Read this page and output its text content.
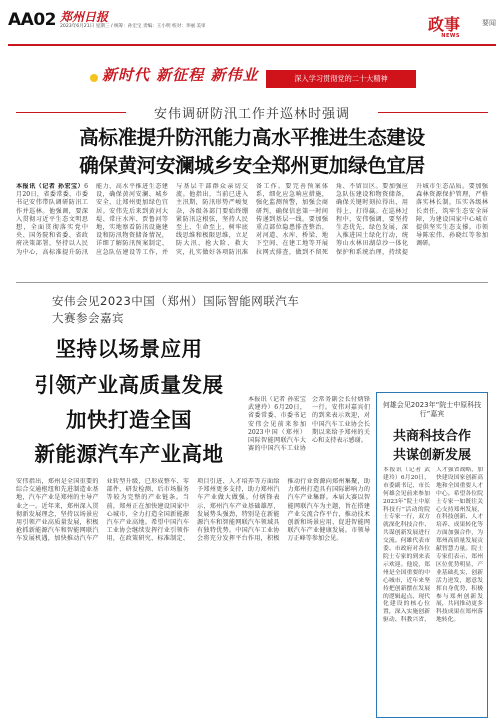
AA02 郑州日报
2023年6月21日 星期三 / 统筹：孙宏宝 责编：王小明 校对：李丽 美审	政事
NEWS
要闻
新时代 新征程 新伟业	深入学习贯彻党的二十大精神
安伟调研防汛工作并巡林时强调
高标准提升防汛能力高水平推进生态建设
确保黄河安澜城乡安全郑州更加绿色宜居
本报讯（记者 孙宏宝）6月20日，省委常委、市委书记安伟带队调研防汛工作并巡林。他强调，要深入贯彻习近平生态文明思想，全面贯彻落实党中央、国务院和省委、省政府决策部署，坚持以人民为中心，高标准提升防汛能力，高水平推进生态建设，确保黄河安澜、城乡安全，让郑州更加绿色宜居。安伟先后来到黄河大堤、常庄水库、贾鲁河等地，实地察看防汛设施建设和防汛物资储备情况，详细了解防汛预案制定、应急队伍建设等工作，并与基层干部群众亲切交流。他指出，当前已进入主汛期，防汛形势严峻复杂，各级各部门要始终绷紧防汛这根弦，坚持人民至上、生命至上，树牢底线思维和极限思维，立足防大汛、抢大险、救大灾，扎实做好各项防汛准备工作。要完善预案体系，细化应急响应措施，强化监测预警，加强会商研判，确保信息第一时间传递到基层一线。要加强重点部位隐患排查整治，对河道、水库、桥梁、地下空间、在建工地等开展拉网式排查，做到不留死角、不留盲区。要加强应急队伍建设和物资储备，确保关键时刻拉得出、用得上、打得赢。在巡林过程中，安伟强调，要坚持生态优先、绿色发展，深入推进国土绿化行动，统筹山水林田湖草沙一体化保护和系统治理，持续提升城市生态品质。要加强森林资源保护管理，严格落实林长制，压实各级林长责任，筑牢生态安全屏障，为建设国家中心城市提供坚实生态支撑。市领导陈宏伟、孙晓红等参加调研。
安伟会见2023中国（郑州）国际智能网联汽车
大赛参会嘉宾
坚持以场景应用
引领产业高质量发展
加快打造全国
新能源汽车产业高地
本报讯（记者 孙宏宝 武建玲）6月20日，省委常委、市委书记安伟会见前来参加2023中国（郑州）国际智能网联汽车大赛的中国汽车工业协会常务副会长付炳锋一行。安伟对嘉宾们的到来表示欢迎，对中国汽车工业协会长期以来给予郑州的关心和支持表示感谢。
安伟指出，郑州是全国重要的综合交通枢纽和先进制造业基地，汽车产业是郑州的主导产业之一。近年来，郑州深入贯彻新发展理念，坚持以场景应用引领产业高质量发展，积极抢抓新能源汽车和智能网联汽车发展机遇，加快推动汽车产业转型升级，已形成整车、零部件、研发检测、后市场服务等较为完整的产业链条。当前，郑州正在加快建设国家中心城市，全力打造全国新能源汽车产业高地。希望中国汽车工业协会继续发挥行业引领作用，在政策研究、标准制定、项目引进、人才培养等方面给予郑州更多支持，助力郑州汽车产业做大做强。付炳锋表示，郑州汽车产业基础雄厚，发展势头强劲，特别是在新能源汽车和智能网联汽车领域具有独特优势。中国汽车工业协会将充分发挥平台作用，积极推动行业资源向郑州集聚，助力郑州打造具有国际影响力的汽车产业集群。本届大赛以智能网联汽车为主题，旨在搭建产业交流合作平台，推动技术创新和场景应用，促进智能网联汽车产业健康发展。市领导万正峰等参加会见。
何雄会见2023年“院士中原科技行”嘉宾
共商科技合作
共谋创新发展
本报讯（记者 武建玲）6月20日，市委副书记、市长何雄会见前来参加2023年“院士中原科技行”活动的院士专家一行，双方就深化科技合作、共谋创新发展进行交流。何雄代表市委、市政府对各位院士专家的到来表示欢迎。他说，郑州是全国重要的中心城市，近年来坚持把创新摆在发展的逻辑起点、现代化建设的核心位置，深入实施创新驱动、科教兴省、人才强省战略，加快建设国家创新高地和全国重要人才中心。希望各位院士专家一如既往关心支持郑州发展，在科技创新、人才培养、成果转化等方面加强合作，为郑州高质量发展贡献智慧力量。院士专家们表示，郑州区位优势明显，产业基础扎实，创新活力迸发，愿意发挥自身优势，积极参与郑州创新发展，共同推动更多科技成果在郑州落地转化。
